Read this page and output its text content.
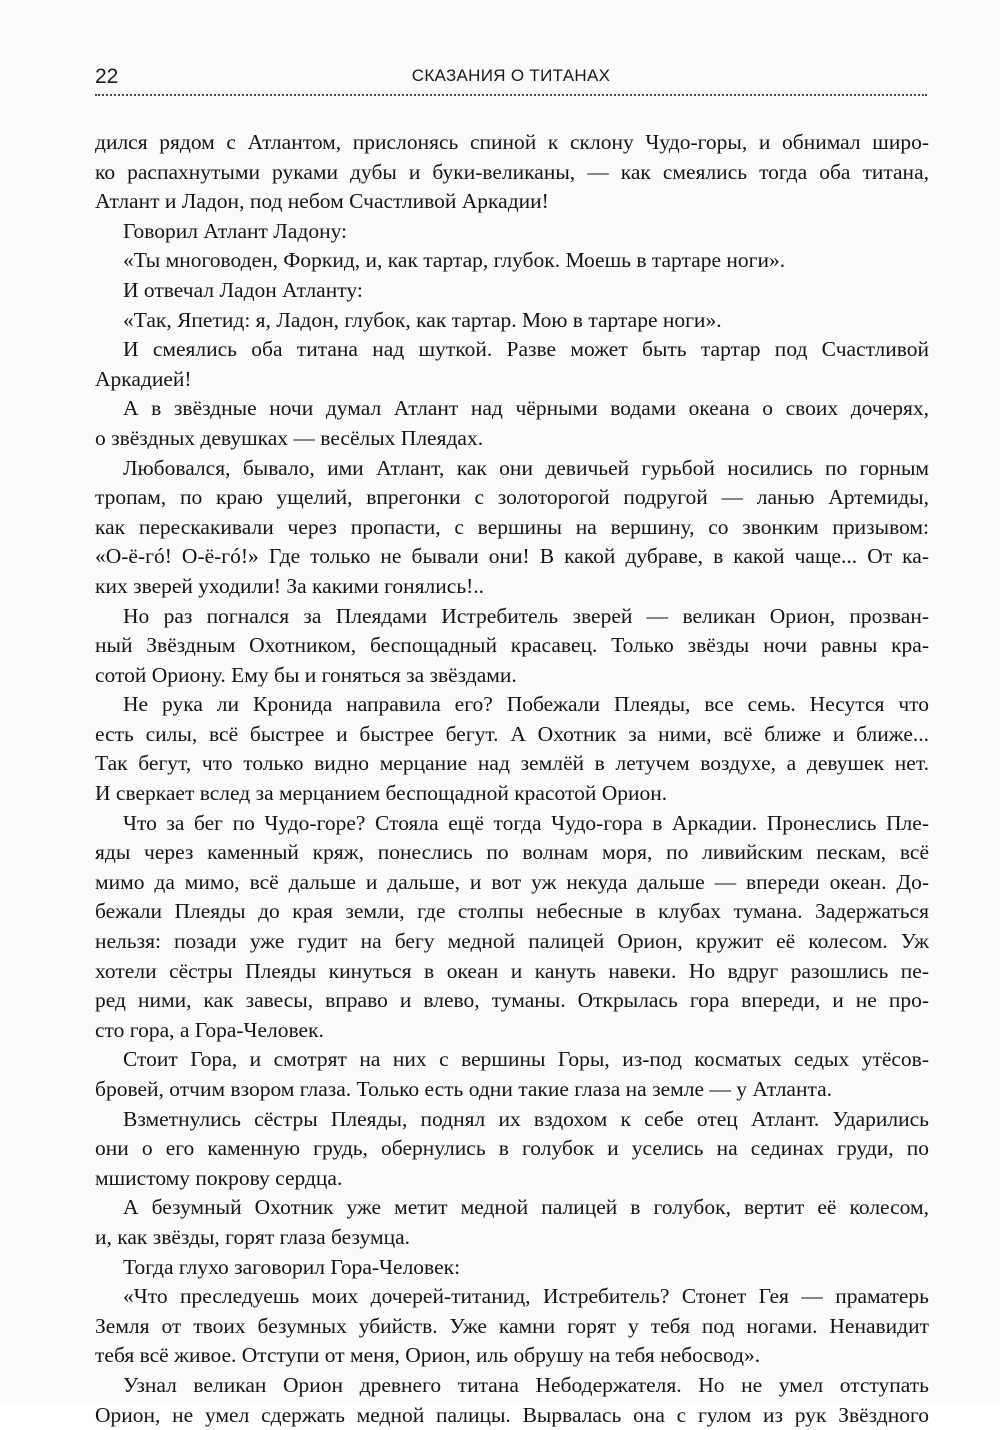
22	СКАЗАНИЯ О ТИТАНАХ
дился рядом с Атлантом, прислонясь спиной к склону Чудо-горы, и обнимал широ-
ко распахнутыми руками дубы и буки-великаны, — как смеялись тогда оба титана,
Атлант и Ладон, под небом Счастливой Аркадии!
Говорил Атлант Ладону:
«Ты многоводен, Форкид, и, как тартар, глубок. Моешь в тартаре ноги».
И отвечал Ладон Атланту:
«Так, Япетид: я, Ладон, глубок, как тартар. Мою в тартаре ноги».
И смеялись оба титана над шуткой. Разве может быть тартар под Счастливой
Аркадией!
А в звёздные ночи думал Атлант над чёрными водами океана о своих дочерях,
о звёздных девушках — весёлых Плеядах.
Любовался, бывало, ими Атлант, как они девичьей гурьбой носились по горным
тропам, по краю ущелий, впрегонки с золоторогой подругой — ланью Артемиды,
как перескакивали через пропасти, с вершины на вершину, со звонким призывом:
«О-ё-гó! О-ё-гó!» Где только не бывали они! В какой дубраве, в какой чаще... От ка-
ких зверей уходили! За какими гонялись!..
Но раз погнался за Плеядами Истребитель зверей — великан Орион, прозван-
ный Звёздным Охотником, беспощадный красавец. Только звёзды ночи равны кра-
сотой Ориону. Ему бы и гоняться за звёздами.
Не рука ли Кронида направила его? Побежали Плеяды, все семь. Несутся что
есть силы, всё быстрее и быстрее бегут. А Охотник за ними, всё ближе и ближе...
Так бегут, что только видно мерцание над землёй в летучем воздухе, а девушек нет.
И сверкает вслед за мерцанием беспощадной красотой Орион.
Что за бег по Чудо-горе? Стояла ещё тогда Чудо-гора в Аркадии. Пронеслись Пле-
яды через каменный кряж, понеслись по волнам моря, по ливийским пескам, всё
мимо да мимо, всё дальше и дальше, и вот уж некуда дальше — впереди океан. До-
бежали Плеяды до края земли, где столпы небесные в клубах тумана. Задержаться
нельзя: позади уже гудит на бегу медной палицей Орион, кружит её колесом. Уж
хотели сёстры Плеяды кинуться в океан и кануть навеки. Но вдруг разошлись пе-
ред ними, как завесы, вправо и влево, туманы. Открылась гора впереди, и не про-
сто гора, а Гора-Человек.
Стоит Гора, и смотрят на них с вершины Горы, из-под косматых седых утёсов-
бровей, отчим взором глаза. Только есть одни такие глаза на земле — у Атланта.
Взметнулись сёстры Плеяды, поднял их вздохом к себе отец Атлант. Ударились
они о его каменную грудь, обернулись в голубок и уселись на сединах груди, по
мшистому покрову сердца.
А безумный Охотник уже метит медной палицей в голубок, вертит её колесом,
и, как звёзды, горят глаза безумца.
Тогда глухо заговорил Гора-Человек:
«Что преследуешь моих дочерей-титанид, Истребитель? Стонет Гея — праматерь
Земля от твоих безумных убийств. Уже камни горят у тебя под ногами. Ненавидит
тебя всё живое. Отступи от меня, Орион, иль обрушу на тебя небосвод».
Узнал великан Орион древнего титана Небодержателя. Но не умел отступать
Орион, не умел сдержать медной палицы. Вырвалась она с гулом из рук Звёздного
